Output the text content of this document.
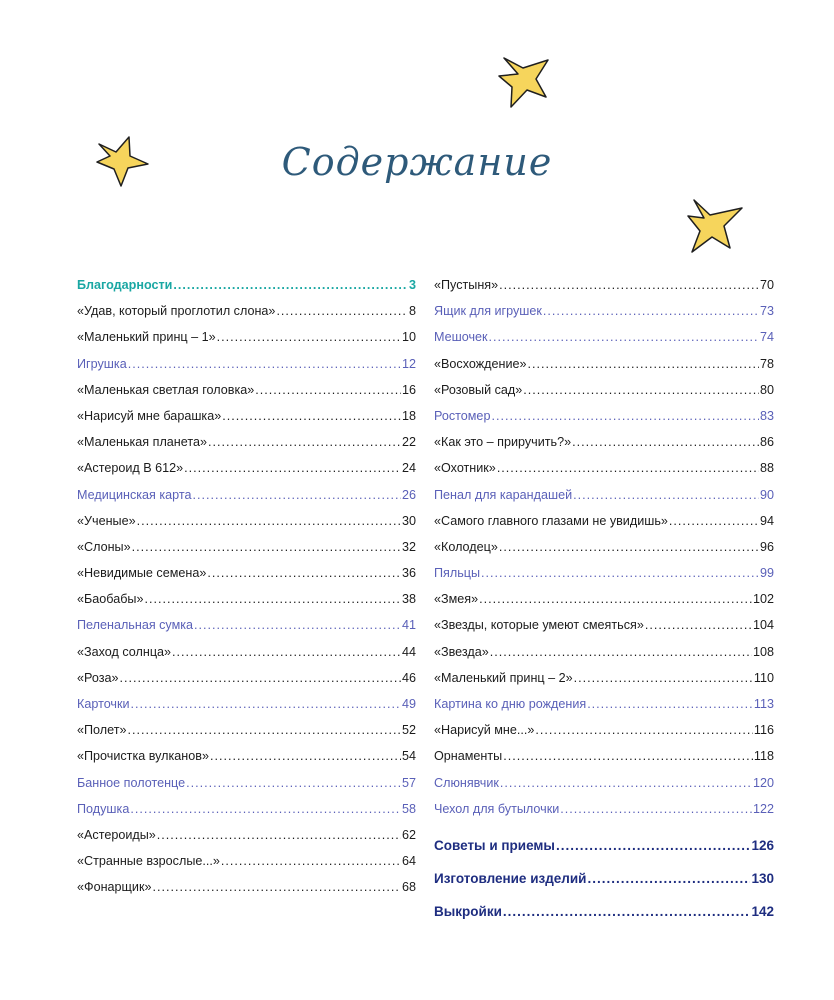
Содержание
Благодарности .....	3
«Удав, который проглотил слона» .....	8
«Маленький принц – 1» .....	10
Игрушка .....	12
«Маленькая светлая головка» .....	16
«Нарисуй мне барашка» .....	18
«Маленькая планета» .....	22
«Астероид В 612» .....	24
Медицинская карта .....	26
«Ученые» .....	30
«Слоны» .....	32
«Невидимые семена» .....	36
«Баобабы» .....	38
Пеленальная сумка .....	41
«Заход солнца» .....	44
«Роза» .....	46
Карточки .....	49
«Полет» .....	52
«Прочистка вулканов» .....	54
Банное полотенце .....	57
Подушка .....	58
«Астероиды» .....	62
«Странные взрослые...» .....	64
«Фонарщик» .....	68
«Пустыня» .....	70
Ящик для игрушек .....	73
Мешочек .....	74
«Восхождение» .....	78
«Розовый сад» .....	80
Ростомер .....	83
«Как это – приручить?» .....	86
«Охотник» .....	88
Пенал для карандашей .....	90
«Самого главного глазами не увидишь» .....	94
«Колодец» .....	96
Пяльцы .....	99
«Змея» .....	102
«Звезды, которые умеют смеяться» .....	104
«Звезда» .....	108
«Маленький принц – 2» .....	110
Картина ко дню рождения .....	113
«Нарисуй мне...» .....	116
Орнаменты .....	118
Слюнявчик .....	120
Чехол для бутылочки .....	122
Советы и приемы .....	126
Изготовление изделий .....	130
Выкройки .....	142
